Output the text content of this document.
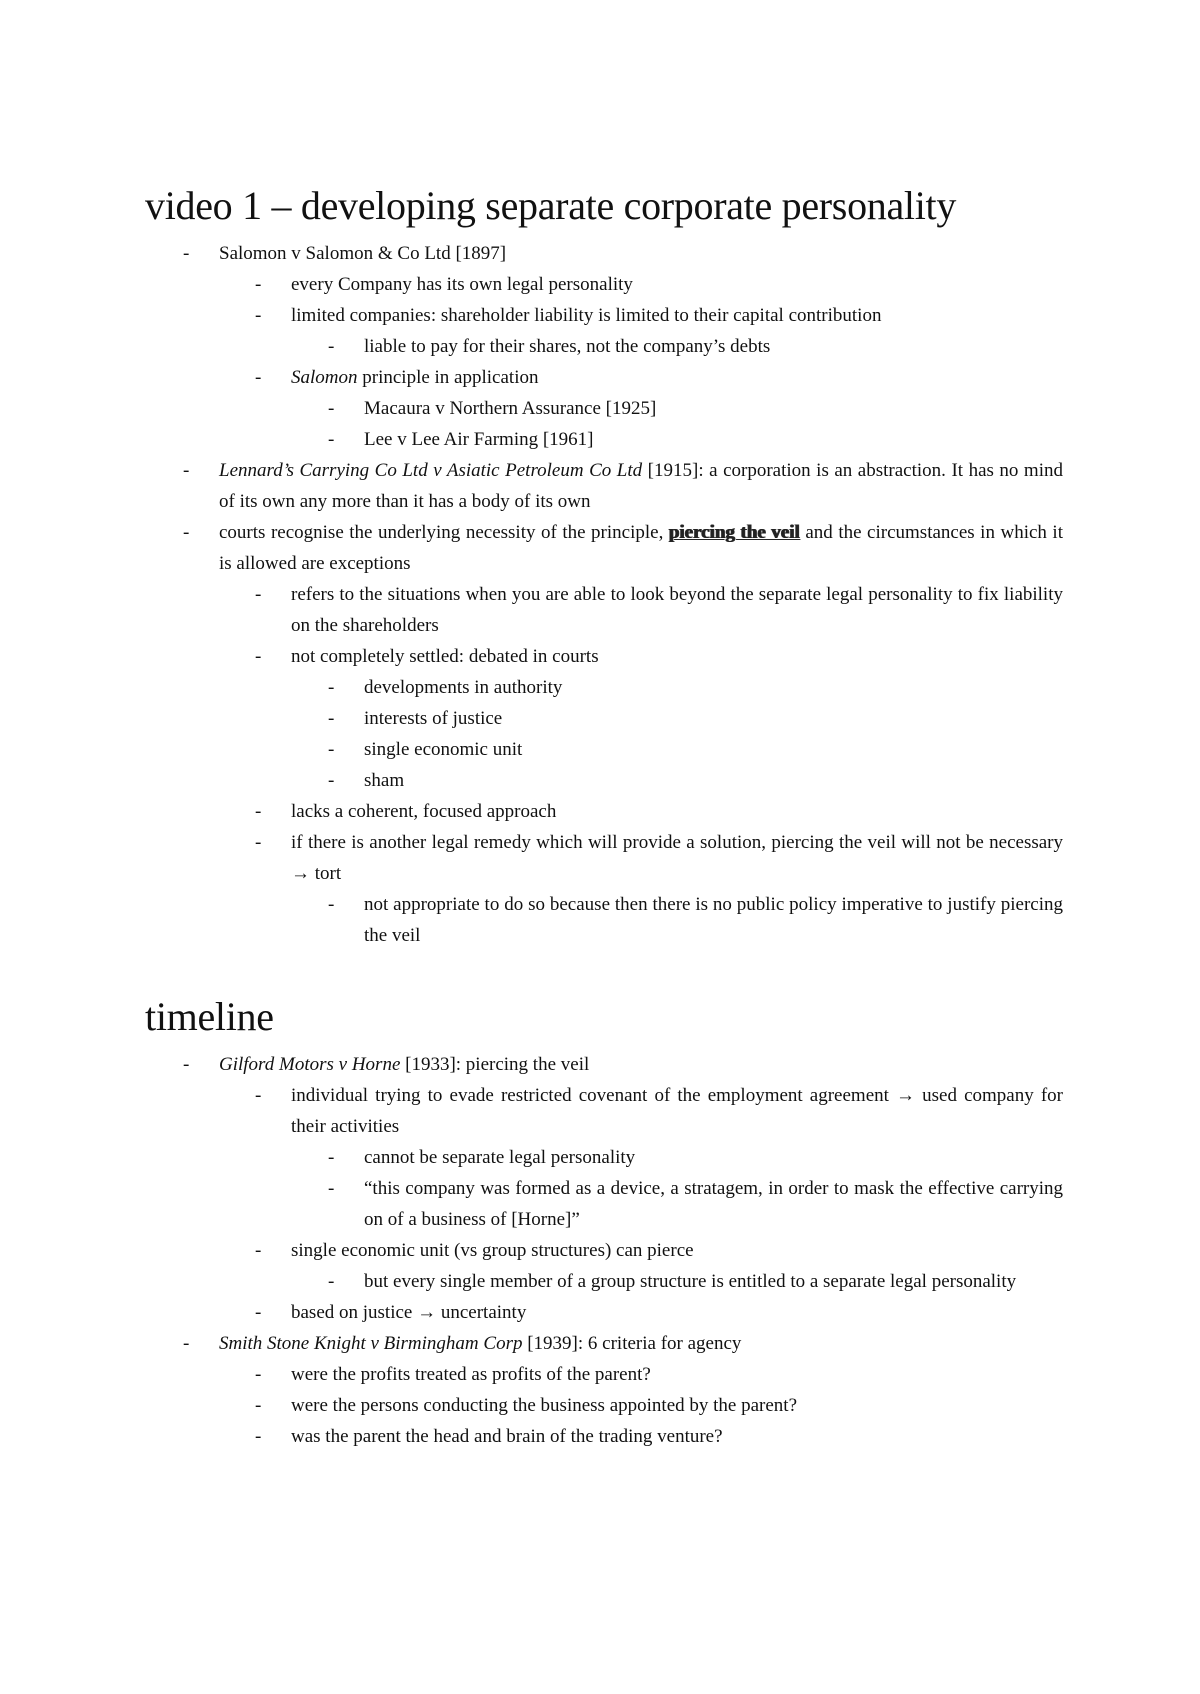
video 1 – developing separate corporate personality
- Salomon v Salomon & Co Ltd [1897]
- every Company has its own legal personality
- limited companies: shareholder liability is limited to their capital contribution
- liable to pay for their shares, not the company’s debts
- Salomon principle in application
- Macaura v Northern Assurance [1925]
- Lee v Lee Air Farming [1961]
- Lennard’s Carrying Co Ltd v Asiatic Petroleum Co Ltd [1915]: a corporation is an abstraction. It has no mind of its own any more than it has a body of its own
- courts recognise the underlying necessity of the principle, piercing the veil and the circumstances in which it is allowed are exceptions
- refers to the situations when you are able to look beyond the separate legal personality to fix liability on the shareholders
- not completely settled: debated in courts
- developments in authority
- interests of justice
- single economic unit
- sham
- lacks a coherent, focused approach
- if there is another legal remedy which will provide a solution, piercing the veil will not be necessary → tort
- not appropriate to do so because then there is no public policy imperative to justify piercing the veil
timeline
- Gilford Motors v Horne [1933]: piercing the veil
- individual trying to evade restricted covenant of the employment agreement → used company for their activities
- cannot be separate legal personality
- “this company was formed as a device, a stratagem, in order to mask the effective carrying on of a business of [Horne]”
- single economic unit (vs group structures) can pierce
- but every single member of a group structure is entitled to a separate legal personality
- based on justice → uncertainty
- Smith Stone Knight v Birmingham Corp [1939]: 6 criteria for agency
- were the profits treated as profits of the parent?
- were the persons conducting the business appointed by the parent?
- was the parent the head and brain of the trading venture?
